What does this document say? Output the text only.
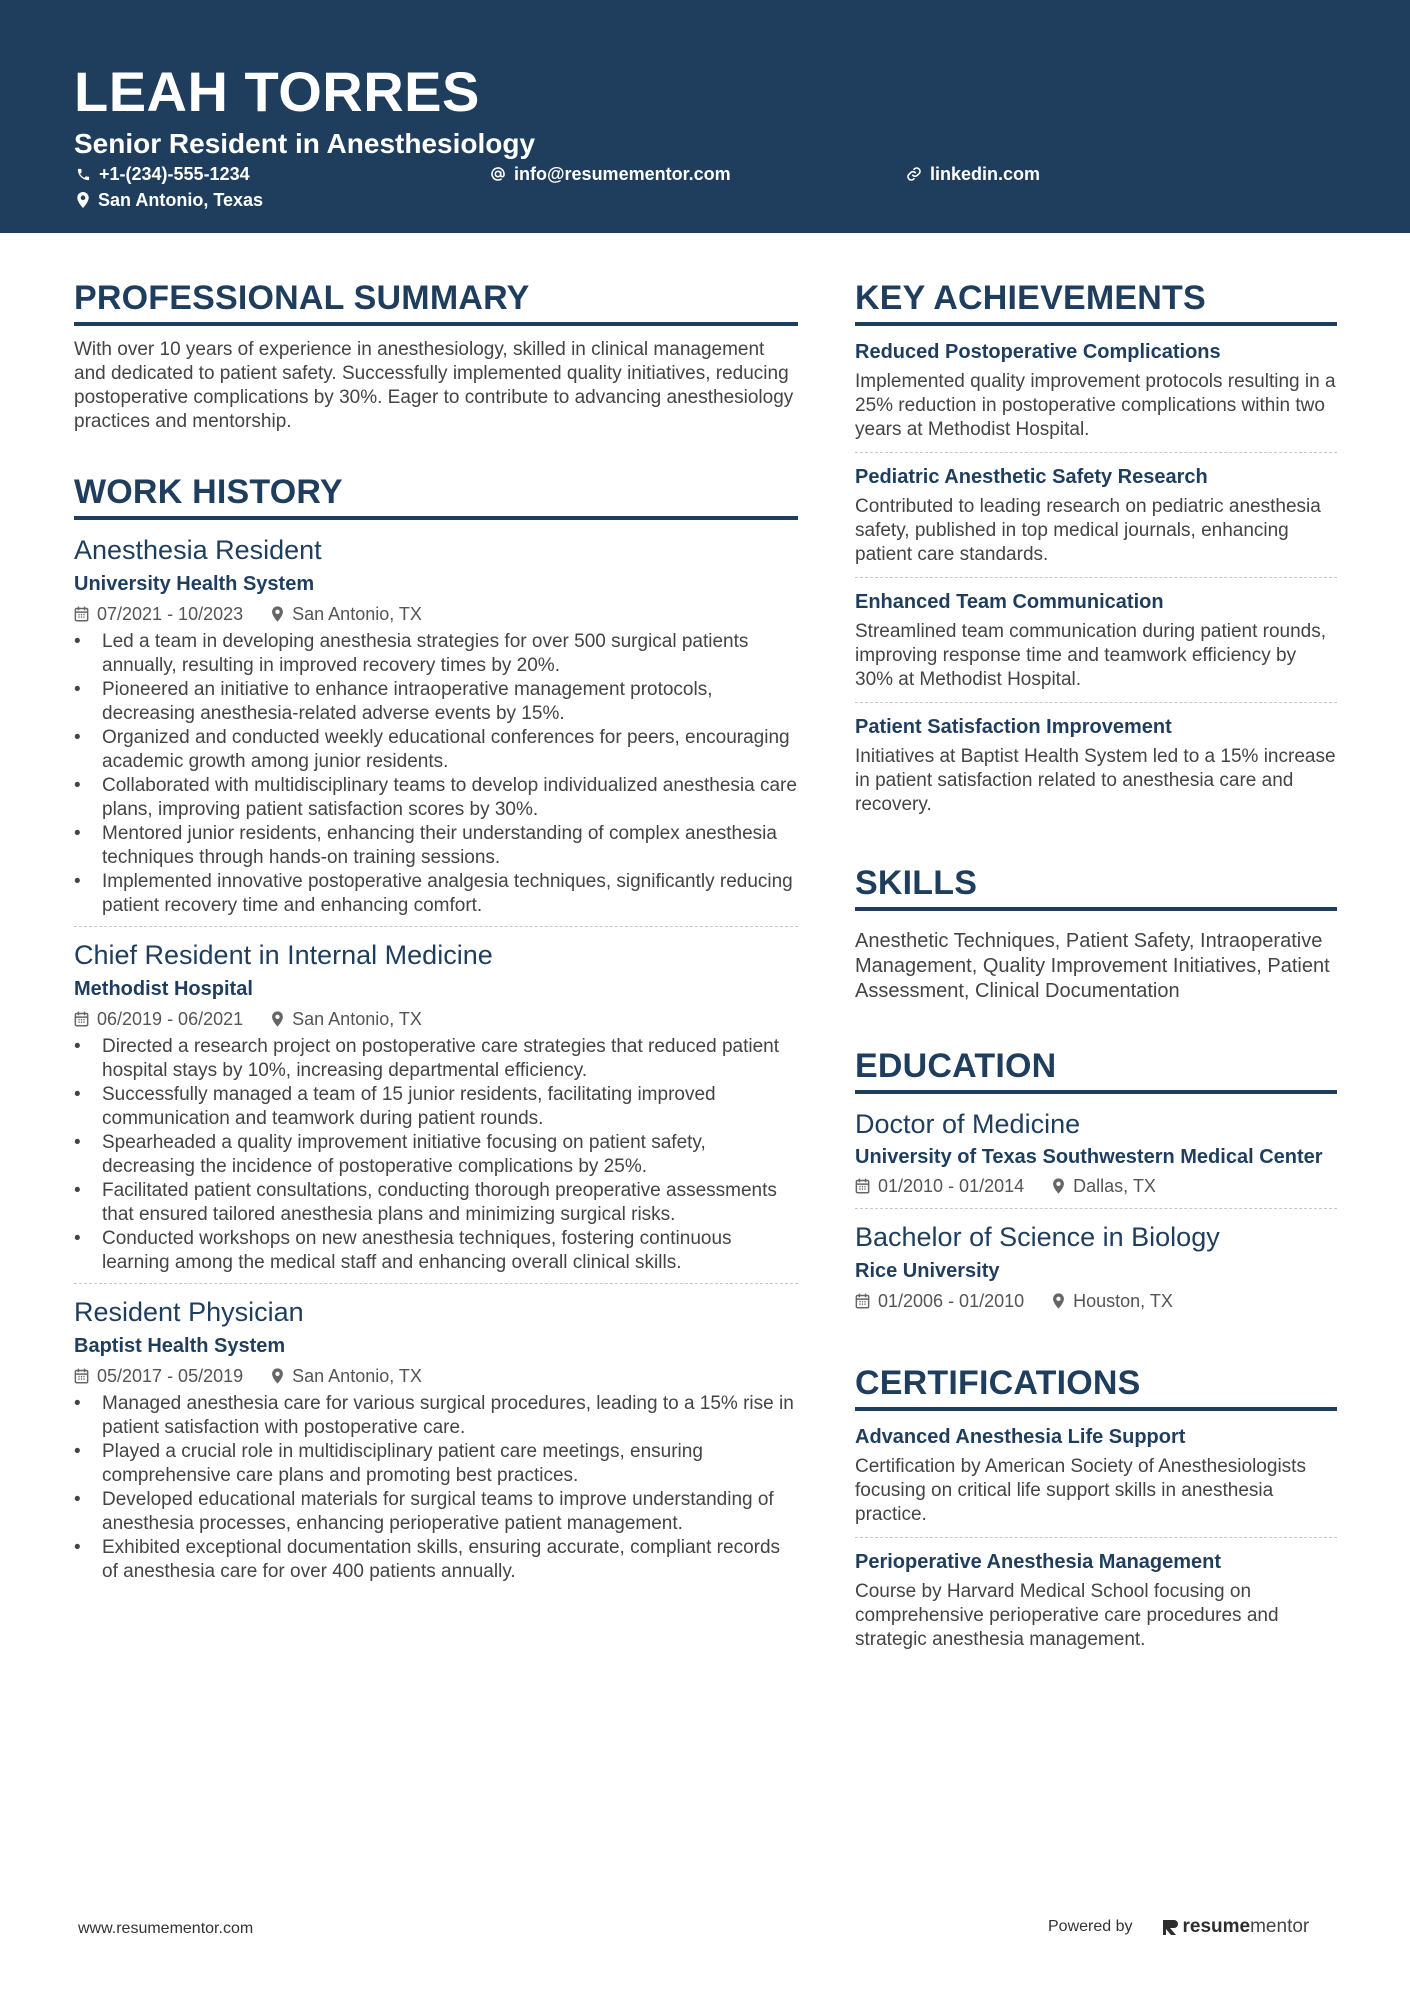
LEAH TORRES
Senior Resident in Anesthesiology
+1-(234)-555-1234	info@resumementor.com	linkedin.com
San Antonio, Texas
PROFESSIONAL SUMMARY
With over 10 years of experience in anesthesiology, skilled in clinical management and dedicated to patient safety. Successfully implemented quality initiatives, reducing postoperative complications by 30%. Eager to contribute to advancing anesthesiology practices and mentorship.
WORK HISTORY
Anesthesia Resident
University Health System
07/2021 - 10/2023	San Antonio, TX
• Led a team in developing anesthesia strategies for over 500 surgical patients annually, resulting in improved recovery times by 20%.
• Pioneered an initiative to enhance intraoperative management protocols, decreasing anesthesia-related adverse events by 15%.
• Organized and conducted weekly educational conferences for peers, encouraging academic growth among junior residents.
• Collaborated with multidisciplinary teams to develop individualized anesthesia care plans, improving patient satisfaction scores by 30%.
• Mentored junior residents, enhancing their understanding of complex anesthesia techniques through hands-on training sessions.
• Implemented innovative postoperative analgesia techniques, significantly reducing patient recovery time and enhancing comfort.
Chief Resident in Internal Medicine
Methodist Hospital
06/2019 - 06/2021	San Antonio, TX
• Directed a research project on postoperative care strategies that reduced patient hospital stays by 10%, increasing departmental efficiency.
• Successfully managed a team of 15 junior residents, facilitating improved communication and teamwork during patient rounds.
• Spearheaded a quality improvement initiative focusing on patient safety, decreasing the incidence of postoperative complications by 25%.
• Facilitated patient consultations, conducting thorough preoperative assessments that ensured tailored anesthesia plans and minimizing surgical risks.
• Conducted workshops on new anesthesia techniques, fostering continuous learning among the medical staff and enhancing overall clinical skills.
Resident Physician
Baptist Health System
05/2017 - 05/2019	San Antonio, TX
• Managed anesthesia care for various surgical procedures, leading to a 15% rise in patient satisfaction with postoperative care.
• Played a crucial role in multidisciplinary patient care meetings, ensuring comprehensive care plans and promoting best practices.
• Developed educational materials for surgical teams to improve understanding of anesthesia processes, enhancing perioperative patient management.
• Exhibited exceptional documentation skills, ensuring accurate, compliant records of anesthesia care for over 400 patients annually.
KEY ACHIEVEMENTS
Reduced Postoperative Complications
Implemented quality improvement protocols resulting in a 25% reduction in postoperative complications within two years at Methodist Hospital.
Pediatric Anesthetic Safety Research
Contributed to leading research on pediatric anesthesia safety, published in top medical journals, enhancing patient care standards.
Enhanced Team Communication
Streamlined team communication during patient rounds, improving response time and teamwork efficiency by 30% at Methodist Hospital.
Patient Satisfaction Improvement
Initiatives at Baptist Health System led to a 15% increase in patient satisfaction related to anesthesia care and recovery.
SKILLS
Anesthetic Techniques, Patient Safety, Intraoperative Management, Quality Improvement Initiatives, Patient Assessment, Clinical Documentation
EDUCATION
Doctor of Medicine
University of Texas Southwestern Medical Center
01/2010 - 01/2014	Dallas, TX
Bachelor of Science in Biology
Rice University
01/2006 - 01/2010	Houston, TX
CERTIFICATIONS
Advanced Anesthesia Life Support
Certification by American Society of Anesthesiologists focusing on critical life support skills in anesthesia practice.
Perioperative Anesthesia Management
Course by Harvard Medical School focusing on comprehensive perioperative care procedures and strategic anesthesia management.
www.resumementor.com	Powered by	resume mentor
